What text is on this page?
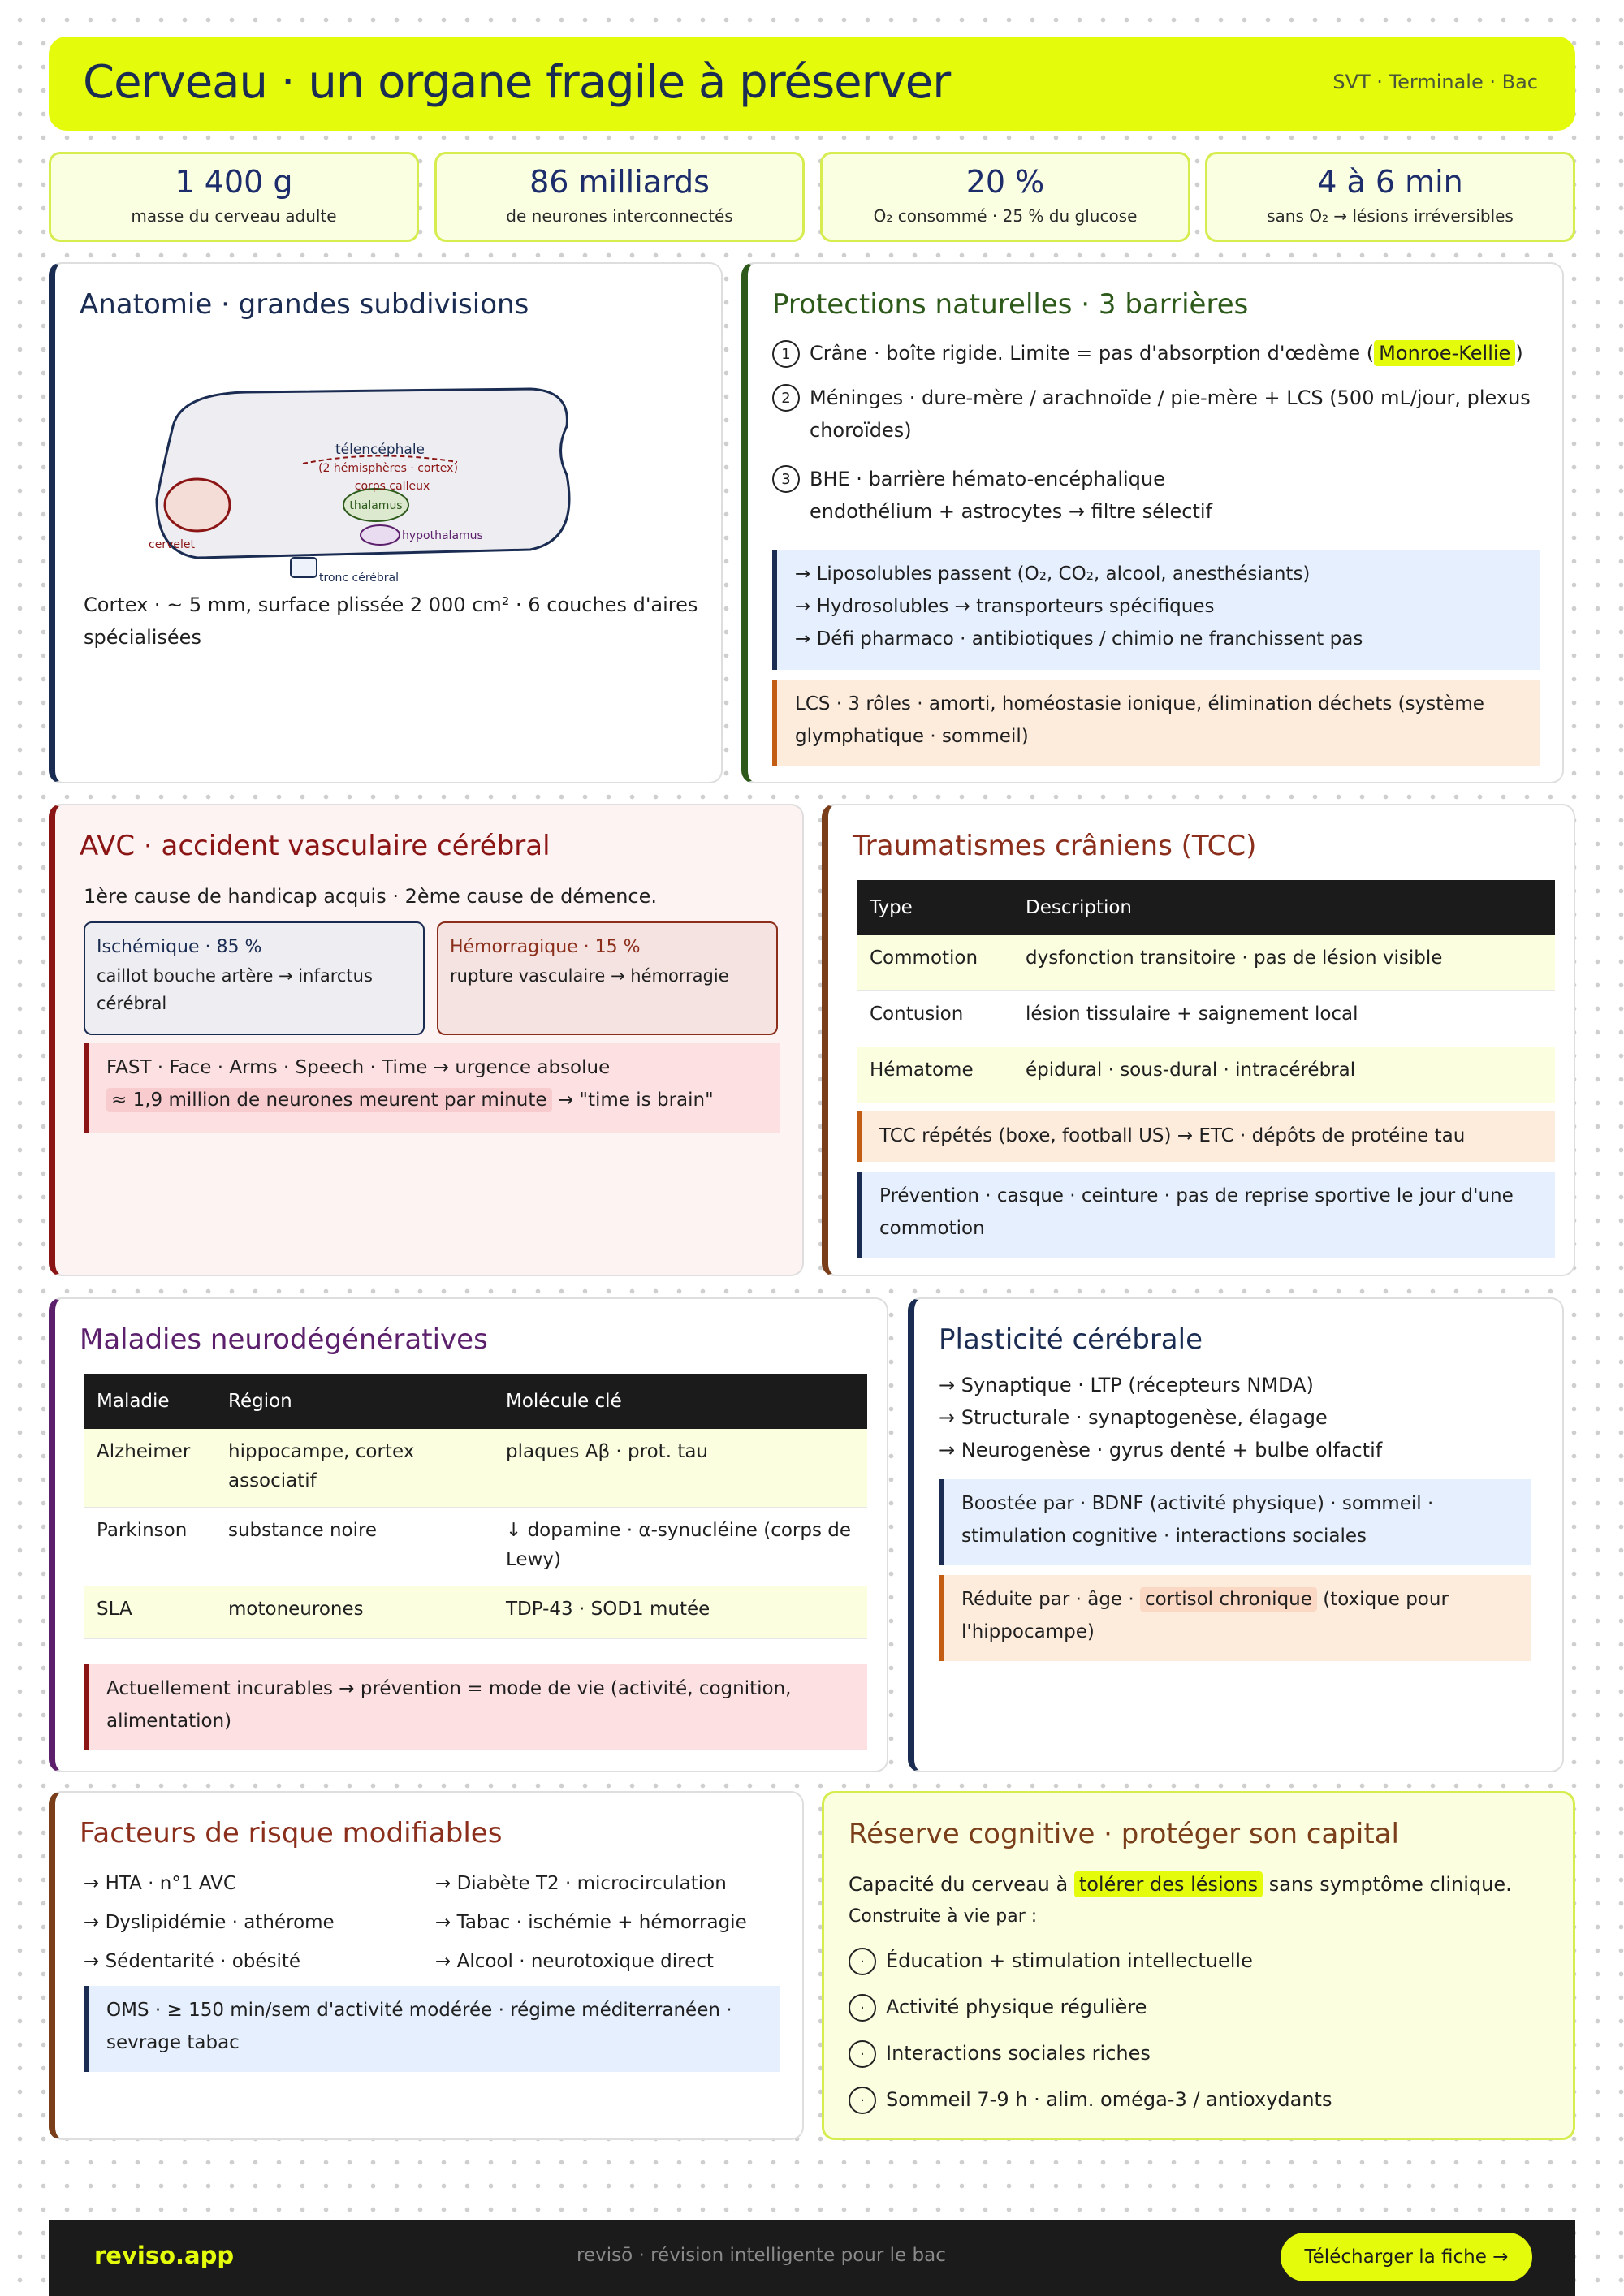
Cerveau · un organe fragile à préserver	SVT · Terminale · Bac
1 400 g
masse du cerveau adulte
86 milliards
de neurones interconnectés
20 %
O₂ consommé · 25 % du glucose
4 à 6 min
sans O₂ → lésions irréversibles
Anatomie · grandes subdivisions
télencéphale
(2 hémisphères · cortex)
corps calleux
thalamus
hypothalamus
cervelet
tronc cérébral
Cortex · ~ 5 mm, surface plissée 2 000 cm² · 6 couches d'aires spécialisées
Protections naturelles · 3 barrières
1 Crâne · boîte rigide. Limite = pas d'absorption d'œdème ( Monroe-Kellie )
2 Méninges · dure-mère / arachnoïde / pie-mère + LCS (500 mL/jour, plexus choroïdes)
3 BHE · barrière hémato-encéphalique endothélium + astrocytes → filtre sélectif
→ Liposolubles passent (O₂, CO₂, alcool, anesthésiants)
→ Hydrosolubles → transporteurs spécifiques
→ Défi pharmaco · antibiotiques / chimio ne franchissent pas
LCS · 3 rôles · amorti, homéostasie ionique, élimination déchets (système glymphatique · sommeil)
AVC · accident vasculaire cérébral
1ère cause de handicap acquis · 2ème cause de démence.
Ischémique · 85 %
caillot bouche artère → infarctus cérébral
Hémorragique · 15 %
rupture vasculaire → hémorragie
FAST · Face · Arms · Speech · Time → urgence absolue
≈ 1,9 million de neurones meurent par minute → "time is brain"
Traumatismes crâniens (TCC)
Type	Description
Commotion	dysfonction transitoire · pas de lésion visible
Contusion	lésion tissulaire + saignement local
Hématome	épidural · sous-dural · intracérébral
TCC répétés (boxe, football US) → ETC · dépôts de protéine tau
Prévention · casque · ceinture · pas de reprise sportive le jour d'une commotion
Maladies neurodégénératives
Maladie	Région	Molécule clé
Alzheimer	hippocampe, cortex associatif	plaques Aβ · prot. tau
Parkinson	substance noire	↓ dopamine · α-synucléine (corps de Lewy)
SLA	motoneurones	TDP-43 · SOD1 mutée
Actuellement incurables → prévention = mode de vie (activité, cognition, alimentation)
Plasticité cérébrale
→ Synaptique · LTP (récepteurs NMDA)
→ Structurale · synaptogenèse, élagage
→ Neurogenèse · gyrus denté + bulbe olfactif
Boostée par · BDNF (activité physique) · sommeil · stimulation cognitive · interactions sociales
Réduite par · âge · cortisol chronique (toxique pour l'hippocampe)
Facteurs de risque modifiables
→ HTA · n°1 AVC
→ Dyslipidémie · athérome
→ Sédentarité · obésité
→ Diabète T2 · microcirculation
→ Tabac · ischémie + hémorragie
→ Alcool · neurotoxique direct
OMS · ≥ 150 min/sem d'activité modérée · régime méditerranéen · sevrage tabac
Réserve cognitive · protéger son capital
Capacité du cerveau à tolérer des lésions sans symptôme clinique.
Construite à vie par :
· Éducation + stimulation intellectuelle
· Activité physique régulière
· Interactions sociales riches
· Sommeil 7-9 h · alim. oméga-3 / antioxydants
reviso.app	revisō · révision intelligente pour le bac	Télécharger la fiche →
